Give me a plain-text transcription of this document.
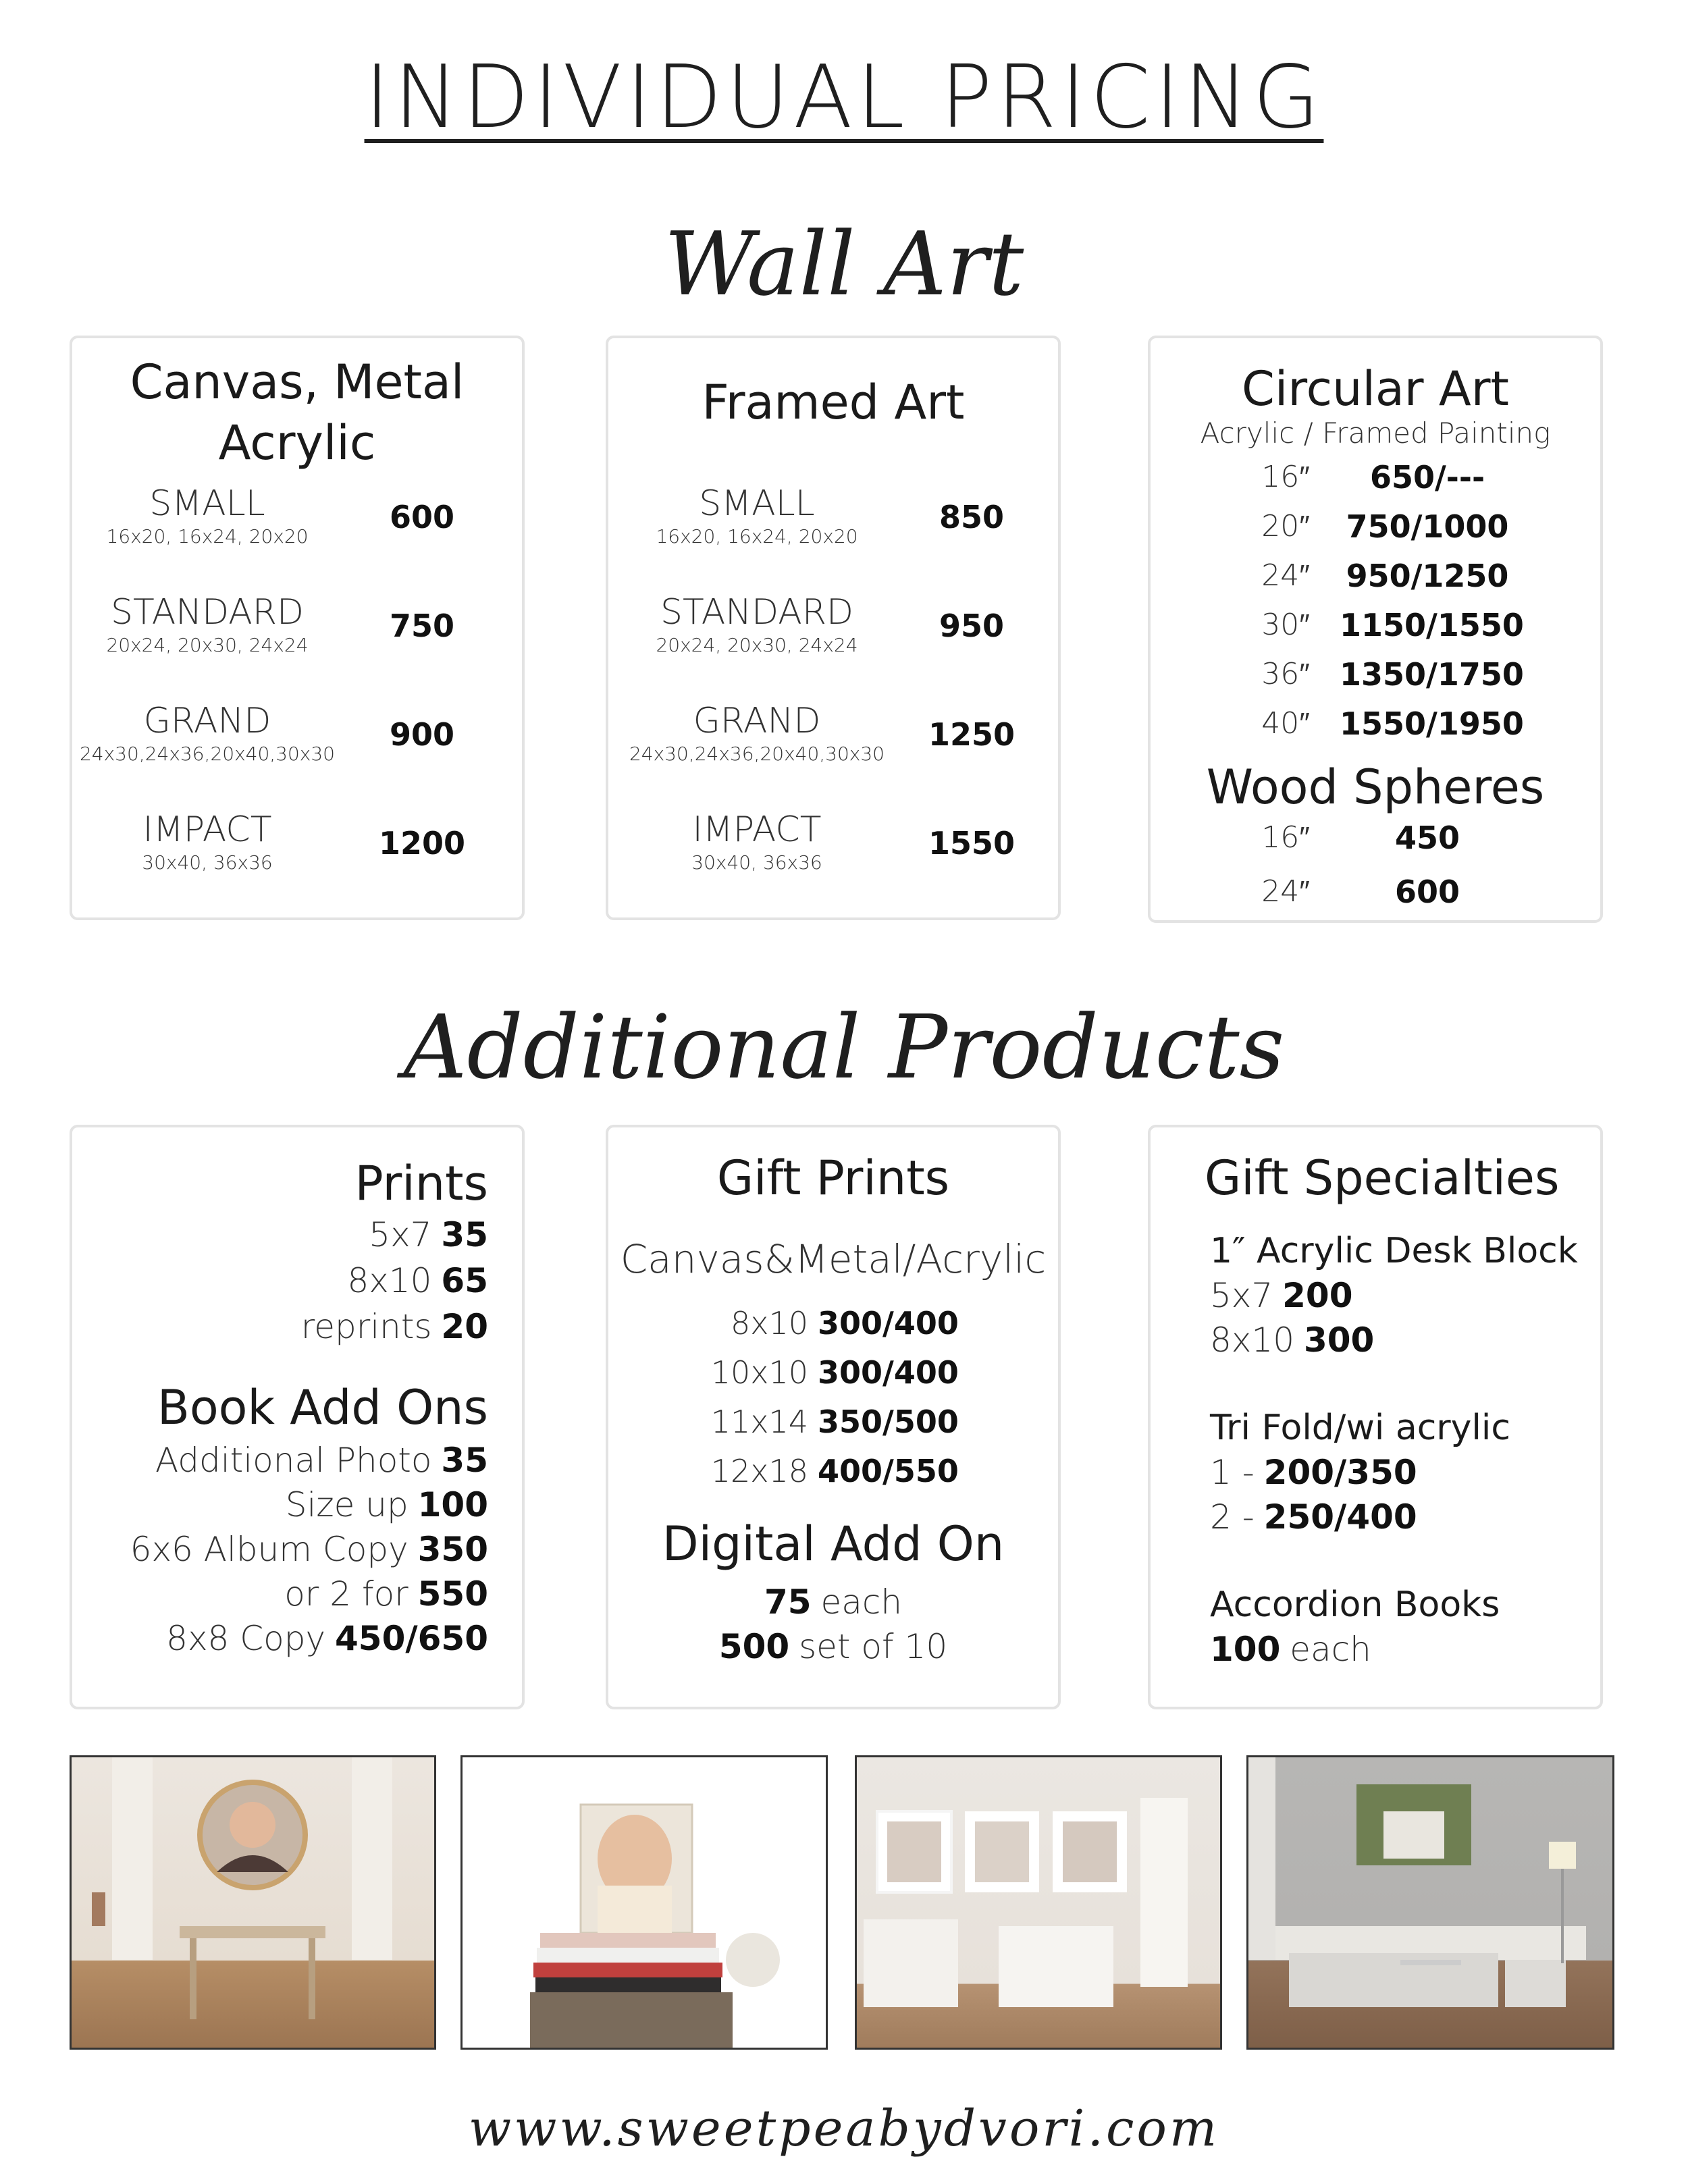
INDIVIDUAL PRICING
Wall Art
Canvas, Metal
Acrylic
SMALL
16x20, 16x24, 20x20
600
STANDARD
20x24, 20x30, 24x24
750
GRAND
24x30,24x36,20x40,30x30
900
IMPACT
30x40, 36x36
1200
Framed Art
SMALL
16x20, 16x24, 20x20
850
STANDARD
20x24, 20x30, 24x24
950
GRAND
24x30,24x36,20x40,30x30
1250
IMPACT
30x40, 36x36
1550
Circular Art
Acrylic / Framed Painting
16″	650/---
20″	750/1000
24″	950/1250
30″ 1150/1550
36″ 1350/1750
40″ 1550/1950
Wood Spheres
16″	450
24″	600
Additional Products
Prints
5x7 35
8x10 65
reprints 20
Book Add Ons
Additional Photo 35
Size up 100
6x6 Album Copy 350
or 2 for 550
8x8 Copy 450/650
Gift Prints
Canvas&Metal/Acrylic
8x10 300/400
10x10 300/400
11x14 350/500
12x18 400/550
Digital Add On
75 each
500 set of 10
Gift Specialties
1″ Acrylic Desk Block
5x7 200
8x10 300
Tri Fold/wi acrylic
1 - 200/350
2 - 250/400
Accordion Books
100 each
www.sweetpeabydvori.com
